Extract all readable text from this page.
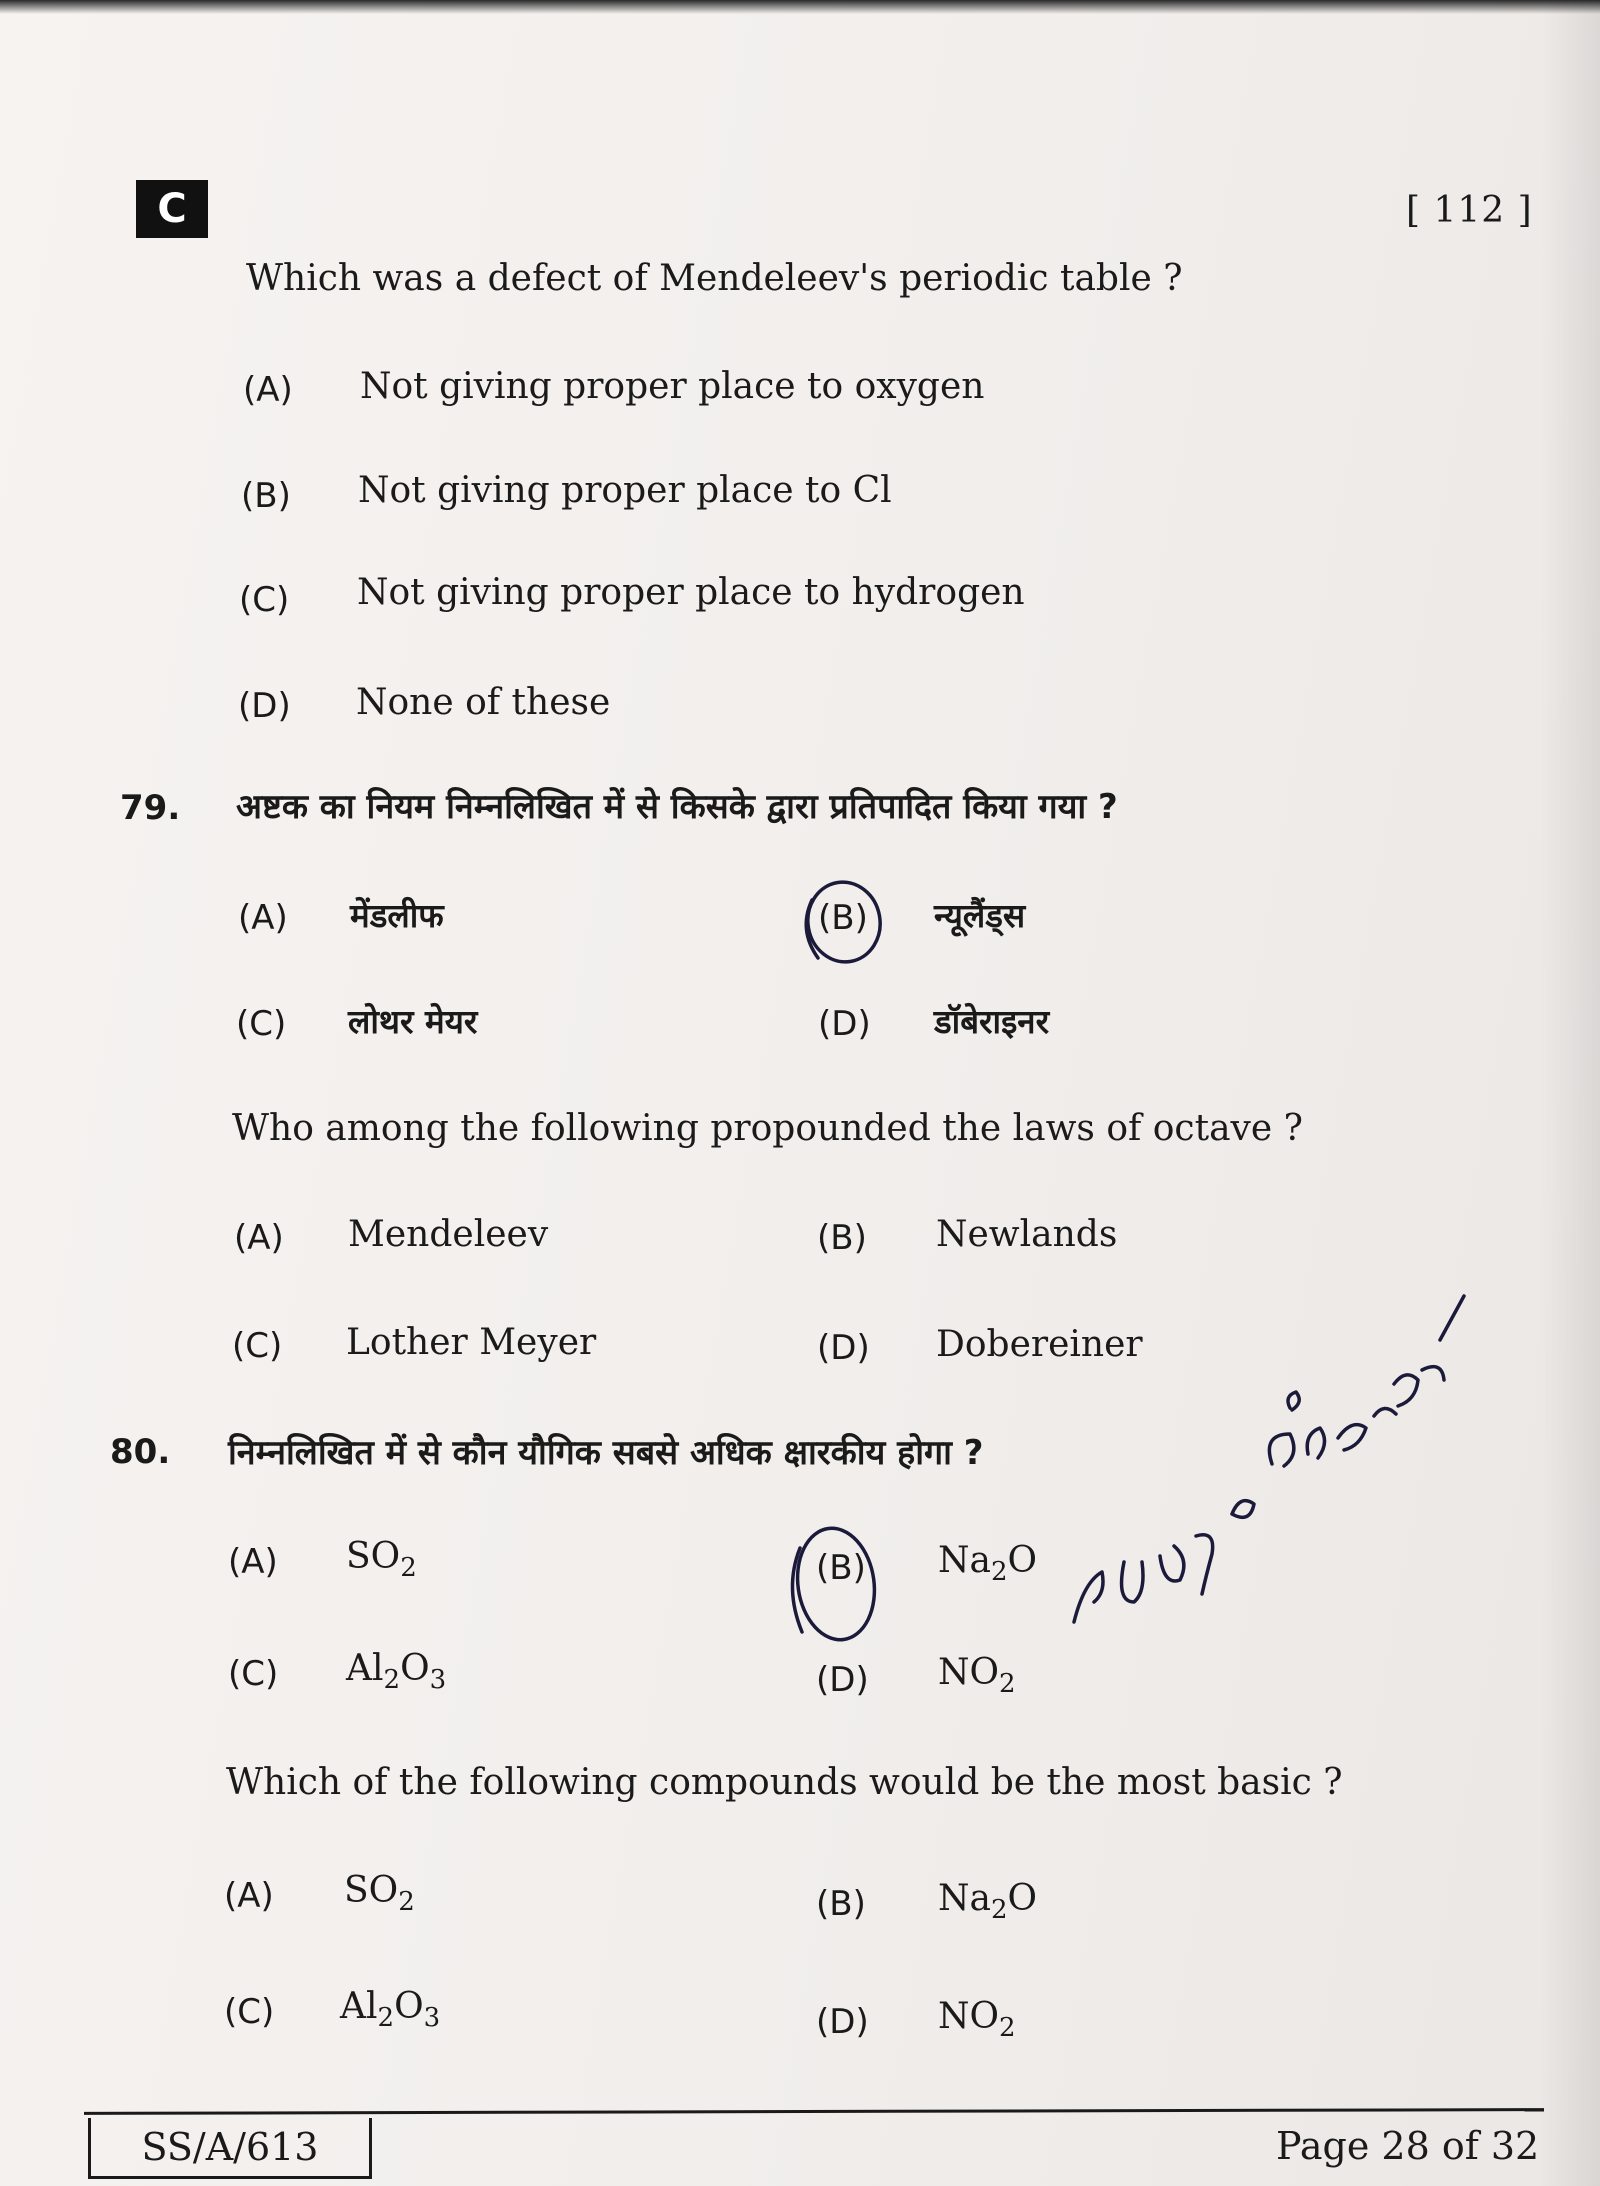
C	[ 112 ]
Which was a defect of Mendeleev's periodic table ?
(A) Not giving proper place to oxygen
(B) Not giving proper place to Cl
(C) Not giving proper place to hydrogen
(D) None of these
79. अष्टक का नियम निम्नलिखित में से किसके द्वारा प्रतिपादित किया गया ?
(A) मेंडलीफ	(B) न्यूलैंड्स
(C) लोथर मेयर	(D) डॉबेराइनर
Who among the following propounded the laws of octave ?
(A) Mendeleev	(B) Newlands
(C) Lother Meyer	(D) Dobereiner
80. निम्नलिखित में से कौन यौगिक सबसे अधिक क्षारकीय होगा ?
(A) $SO_2$	(B) $Na_2O$
(C) $Al_2O_3$	(D) $NO_2$
Which of the following compounds would be the most basic ?
(A) $SO_2$	(B) $Na_2O$
(C) $Al_2O_3$	(D) $NO_2$
SS/A/613	Page 28 of 32
